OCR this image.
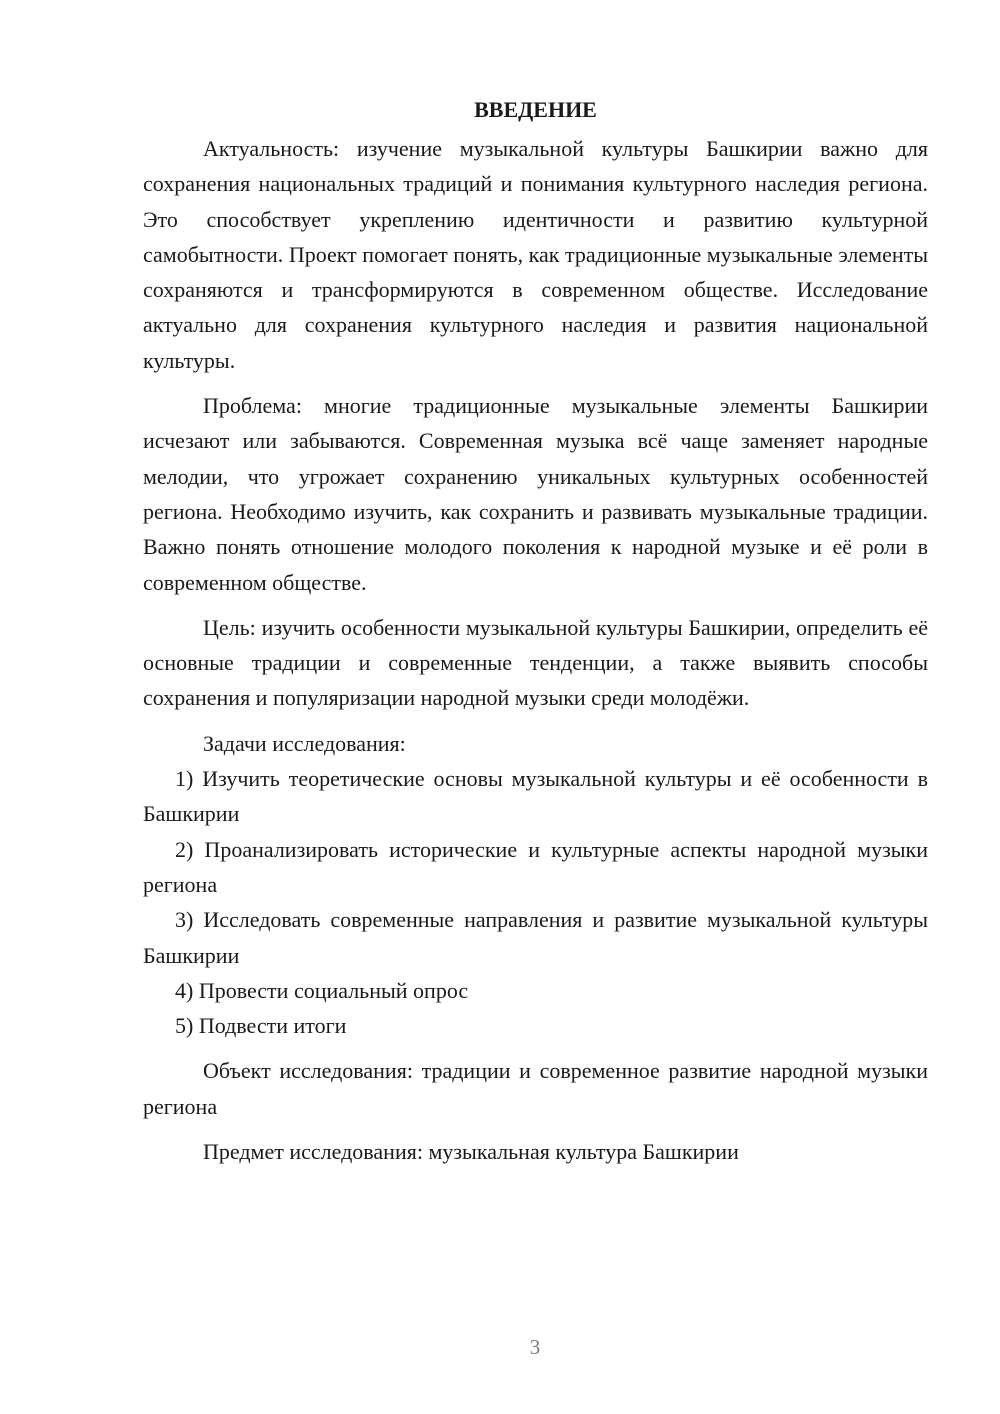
ВВЕДЕНИЕ

Актуальность: изучение музыкальной культуры Башкирии важно для сохранения национальных традиций и понимания культурного наследия региона. Это способствует укреплению идентичности и развитию культурной самобытности. Проект помогает понять, как традиционные музыкальные элементы сохраняются и трансформируются в современном обществе. Исследование актуально для сохранения культурного наследия и развития национальной культуры.

Проблема: многие традиционные музыкальные элементы Башкирии исчезают или забываются. Современная музыка всё чаще заменяет народные мелодии, что угрожает сохранению уникальных культурных особенностей региона. Необходимо изучить, как сохранить и развивать музыкальные традиции. Важно понять отношение молодого поколения к народной музыке и её роли в современном обществе.

Цель: изучить особенности музыкальной культуры Башкирии, определить её основные традиции и современные тенденции, а также выявить способы сохранения и популяризации народной музыки среди молодёжи.

Задачи исследования:

1) Изучить теоретические основы музыкальной культуры и её особенности в Башкирии

2) Проанализировать исторические и культурные аспекты народной музыки региона

3) Исследовать современные направления и развитие музыкальной культуры Башкирии

4) Провести социальный опрос

5) Подвести итоги

Объект исследования: традиции и современное развитие народной музыки региона

Предмет исследования: музыкальная культура Башкирии

3
